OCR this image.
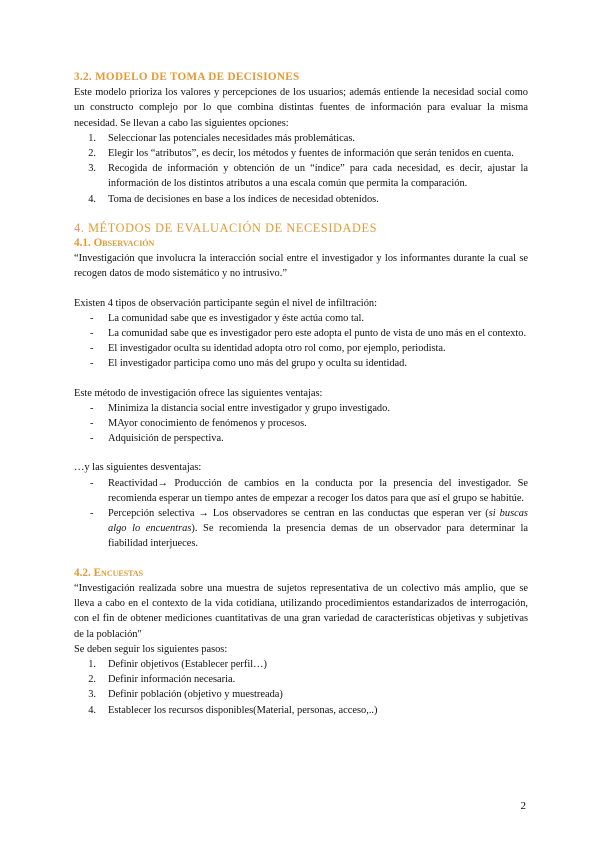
3.2. MODELO DE TOMA DE DECISIONES

Este modelo prioriza los valores y percepciones de los usuarios; además entiende la necesidad social como un constructo complejo por lo que combina distintas fuentes de información para evaluar la misma necesidad. Se llevan a cabo las siguientes opciones:

1.	Seleccionar las potenciales necesidades más problemáticas.
2.	Elegir los “atributos”, es decir, los métodos y fuentes de información que serán tenidos en cuenta.
3.	Recogida de información y obtención de un “índice” para cada necesidad, es decir, ajustar la información de los distintos atributos a una escala común que permita la comparación.
4.	Toma de decisiones en base a los índices de necesidad obtenidos.
4. MÉTODOS DE EVALUACIÓN DE NECESIDADES
4.1. Observación

“Investigación que involucra la interacción social entre el investigador y los informantes durante la cual se recogen datos de modo sistemático y no intrusivo.”

Existen 4 tipos de observación participante según el nivel de infiltración:

-	La comunidad sabe que es investigador y éste actúa como tal.
-	La comunidad sabe que es investigador pero este adopta el punto de vista de uno más en el contexto.
-	El investigador oculta su identidad adopta otro rol como, por ejemplo, periodista.
-	El investigador participa como uno más del grupo y oculta su identidad.

Este método de investigación ofrece las siguientes ventajas:

-	Minimiza la distancia social entre investigador y grupo investigado.
-	MAyor conocimiento de fenómenos y procesos.
-	Adquisición de perspectiva.

…y las siguientes desventajas:

-	Reactividad→ Producción de cambios en la conducta por la presencia del investigador. Se recomienda esperar un tiempo antes de empezar a recoger los datos para que así el grupo se habitúe.
-	Percepción selectiva → Los observadores se centran en las conductas que esperan ver (si buscas algo lo encuentras). Se recomienda la presencia demas de un observador para determinar la fiabilidad interjueces.
4.2. Encuestas

“Investigación realizada sobre una muestra de sujetos representativa de un colectivo más amplio, que se lleva a cabo en el contexto de la vida cotidiana, utilizando procedimientos estandarizados de interrogación, con el fin de obtener mediciones cuantitativas de una gran variedad de características objetivas y subjetivas de la población"

Se deben seguir los siguientes pasos:

1.	Definir objetivos (Establecer perfil…)
2.	Definir información necesaria.
3.	Definir población (objetivo y muestreada)
4.	Establecer los recursos disponibles(Material, personas, acceso,..)
2
